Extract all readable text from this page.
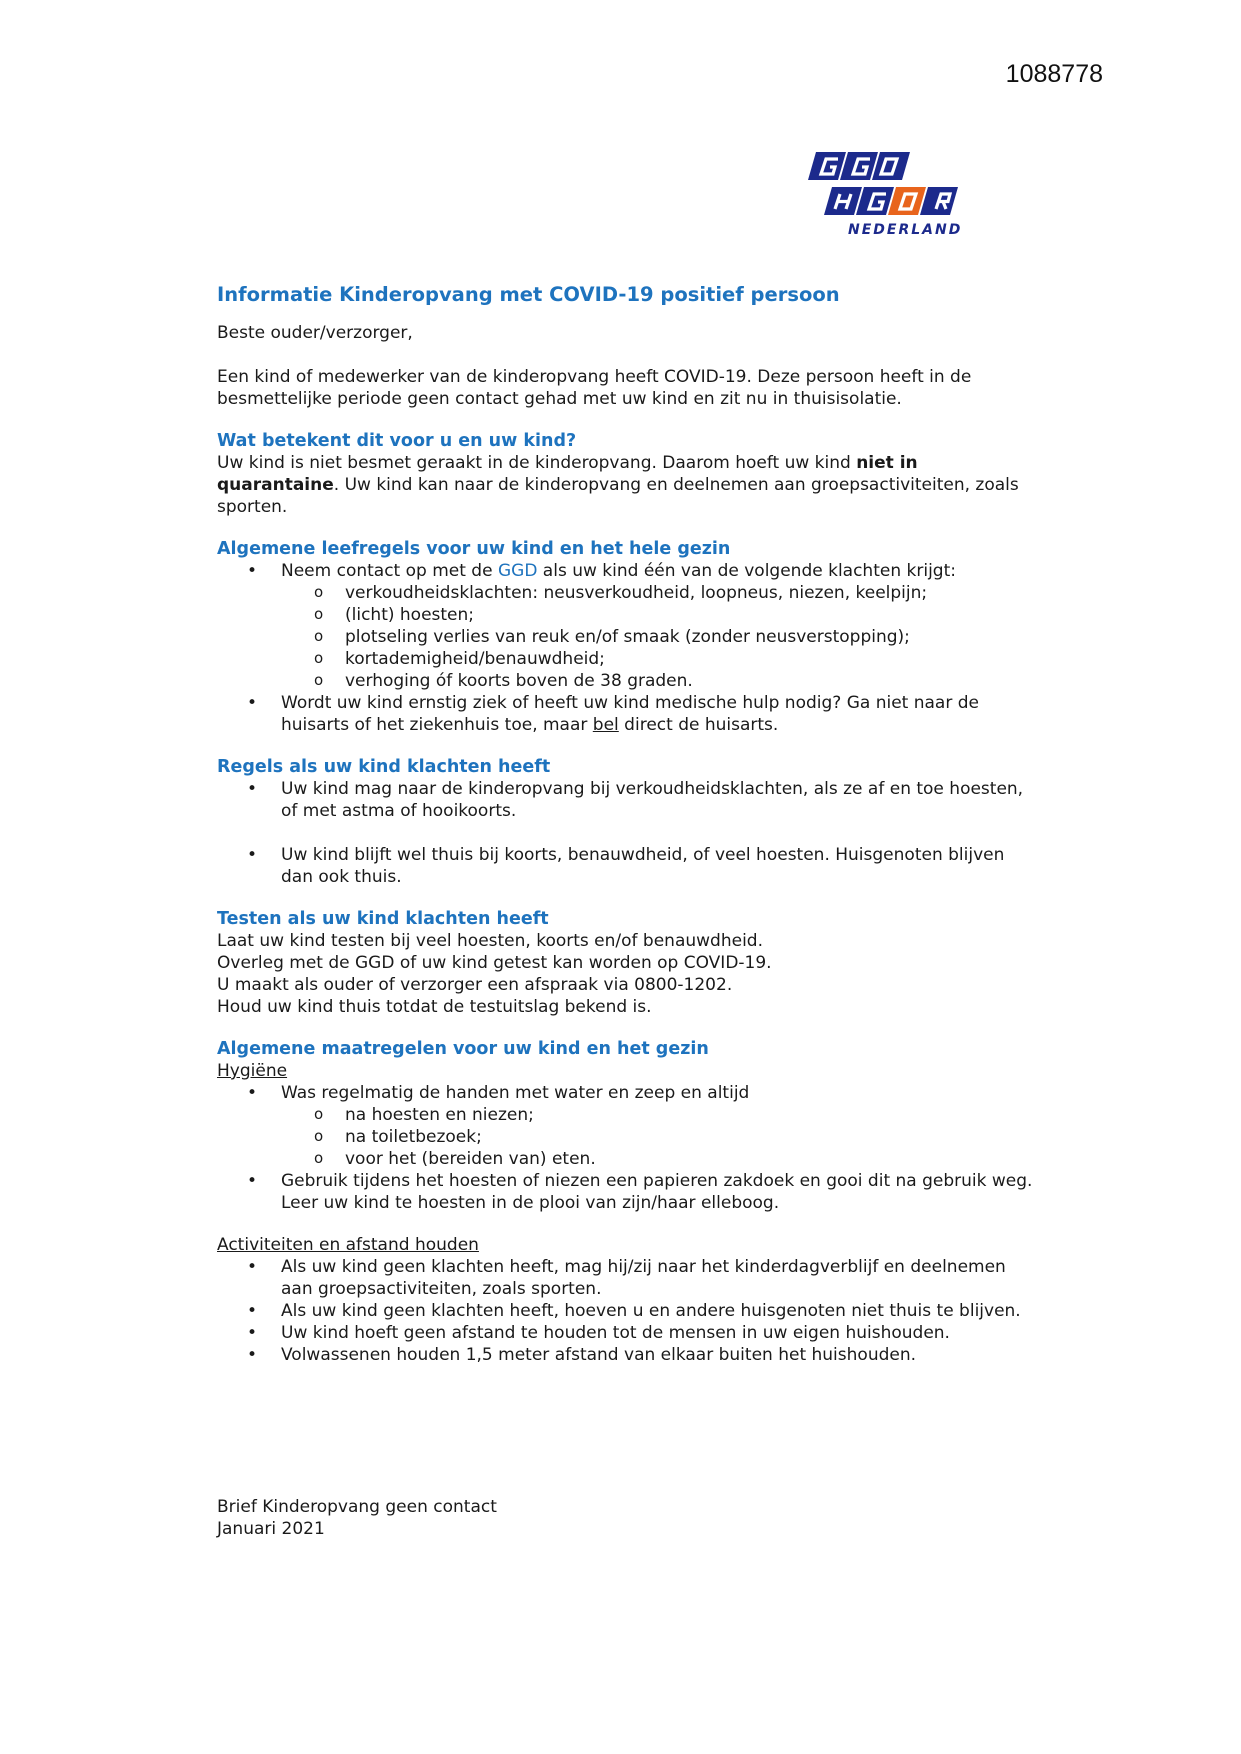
1088778
NEDERLAND

Informatie Kinderopvang met COVID-19 positief persoon

Beste ouder/verzorger,

Een kind of medewerker van de kinderopvang heeft COVID-19. Deze persoon heeft in de besmettelijke periode geen contact gehad met uw kind en zit nu in thuisisolatie.

Wat betekent dit voor u en uw kind?

Uw kind is niet besmet geraakt in de kinderopvang. Daarom hoeft uw kind niet in quarantaine. Uw kind kan naar de kinderopvang en deelnemen aan groepsactiviteiten, zoals sporten.

Algemene leefregels voor uw kind en het hele gezin

• Neem contact op met de GGD als uw kind één van de volgende klachten krijgt:
o verkoudheidsklachten: neusverkoudheid, loopneus, niezen, keelpijn;
o (licht) hoesten;
o plotseling verlies van reuk en/of smaak (zonder neusverstopping);
o kortademigheid/benauwdheid;
o verhoging óf koorts boven de 38 graden.
• Wordt uw kind ernstig ziek of heeft uw kind medische hulp nodig? Ga niet naar de huisarts of het ziekenhuis toe, maar bel direct de huisarts.

Regels als uw kind klachten heeft

• Uw kind mag naar de kinderopvang bij verkoudheidsklachten, als ze af en toe hoesten, of met astma of hooikoorts.
• Uw kind blijft wel thuis bij koorts, benauwdheid, of veel hoesten. Huisgenoten blijven dan ook thuis.

Testen als uw kind klachten heeft

Laat uw kind testen bij veel hoesten, koorts en/of benauwdheid.

Overleg met de GGD of uw kind getest kan worden op COVID-19.

U maakt als ouder of verzorger een afspraak via 0800-1202.

Houd uw kind thuis totdat de testuitslag bekend is.

Algemene maatregelen voor uw kind en het gezin

Hygiëne

• Was regelmatig de handen met water en zeep en altijd
o na hoesten en niezen;
o na toiletbezoek;
o voor het (bereiden van) eten.
• Gebruik tijdens het hoesten of niezen een papieren zakdoek en gooi dit na gebruik weg. Leer uw kind te hoesten in de plooi van zijn/haar elleboog.

Activiteiten en afstand houden

• Als uw kind geen klachten heeft, mag hij/zij naar het kinderdagverblijf en deelnemen aan groepsactiviteiten, zoals sporten.
• Als uw kind geen klachten heeft, hoeven u en andere huisgenoten niet thuis te blijven.
• Uw kind hoeft geen afstand te houden tot de mensen in uw eigen huishouden.
• Volwassenen houden 1,5 meter afstand van elkaar buiten het huishouden.

Brief Kinderopvang geen contact

Januari 2021
